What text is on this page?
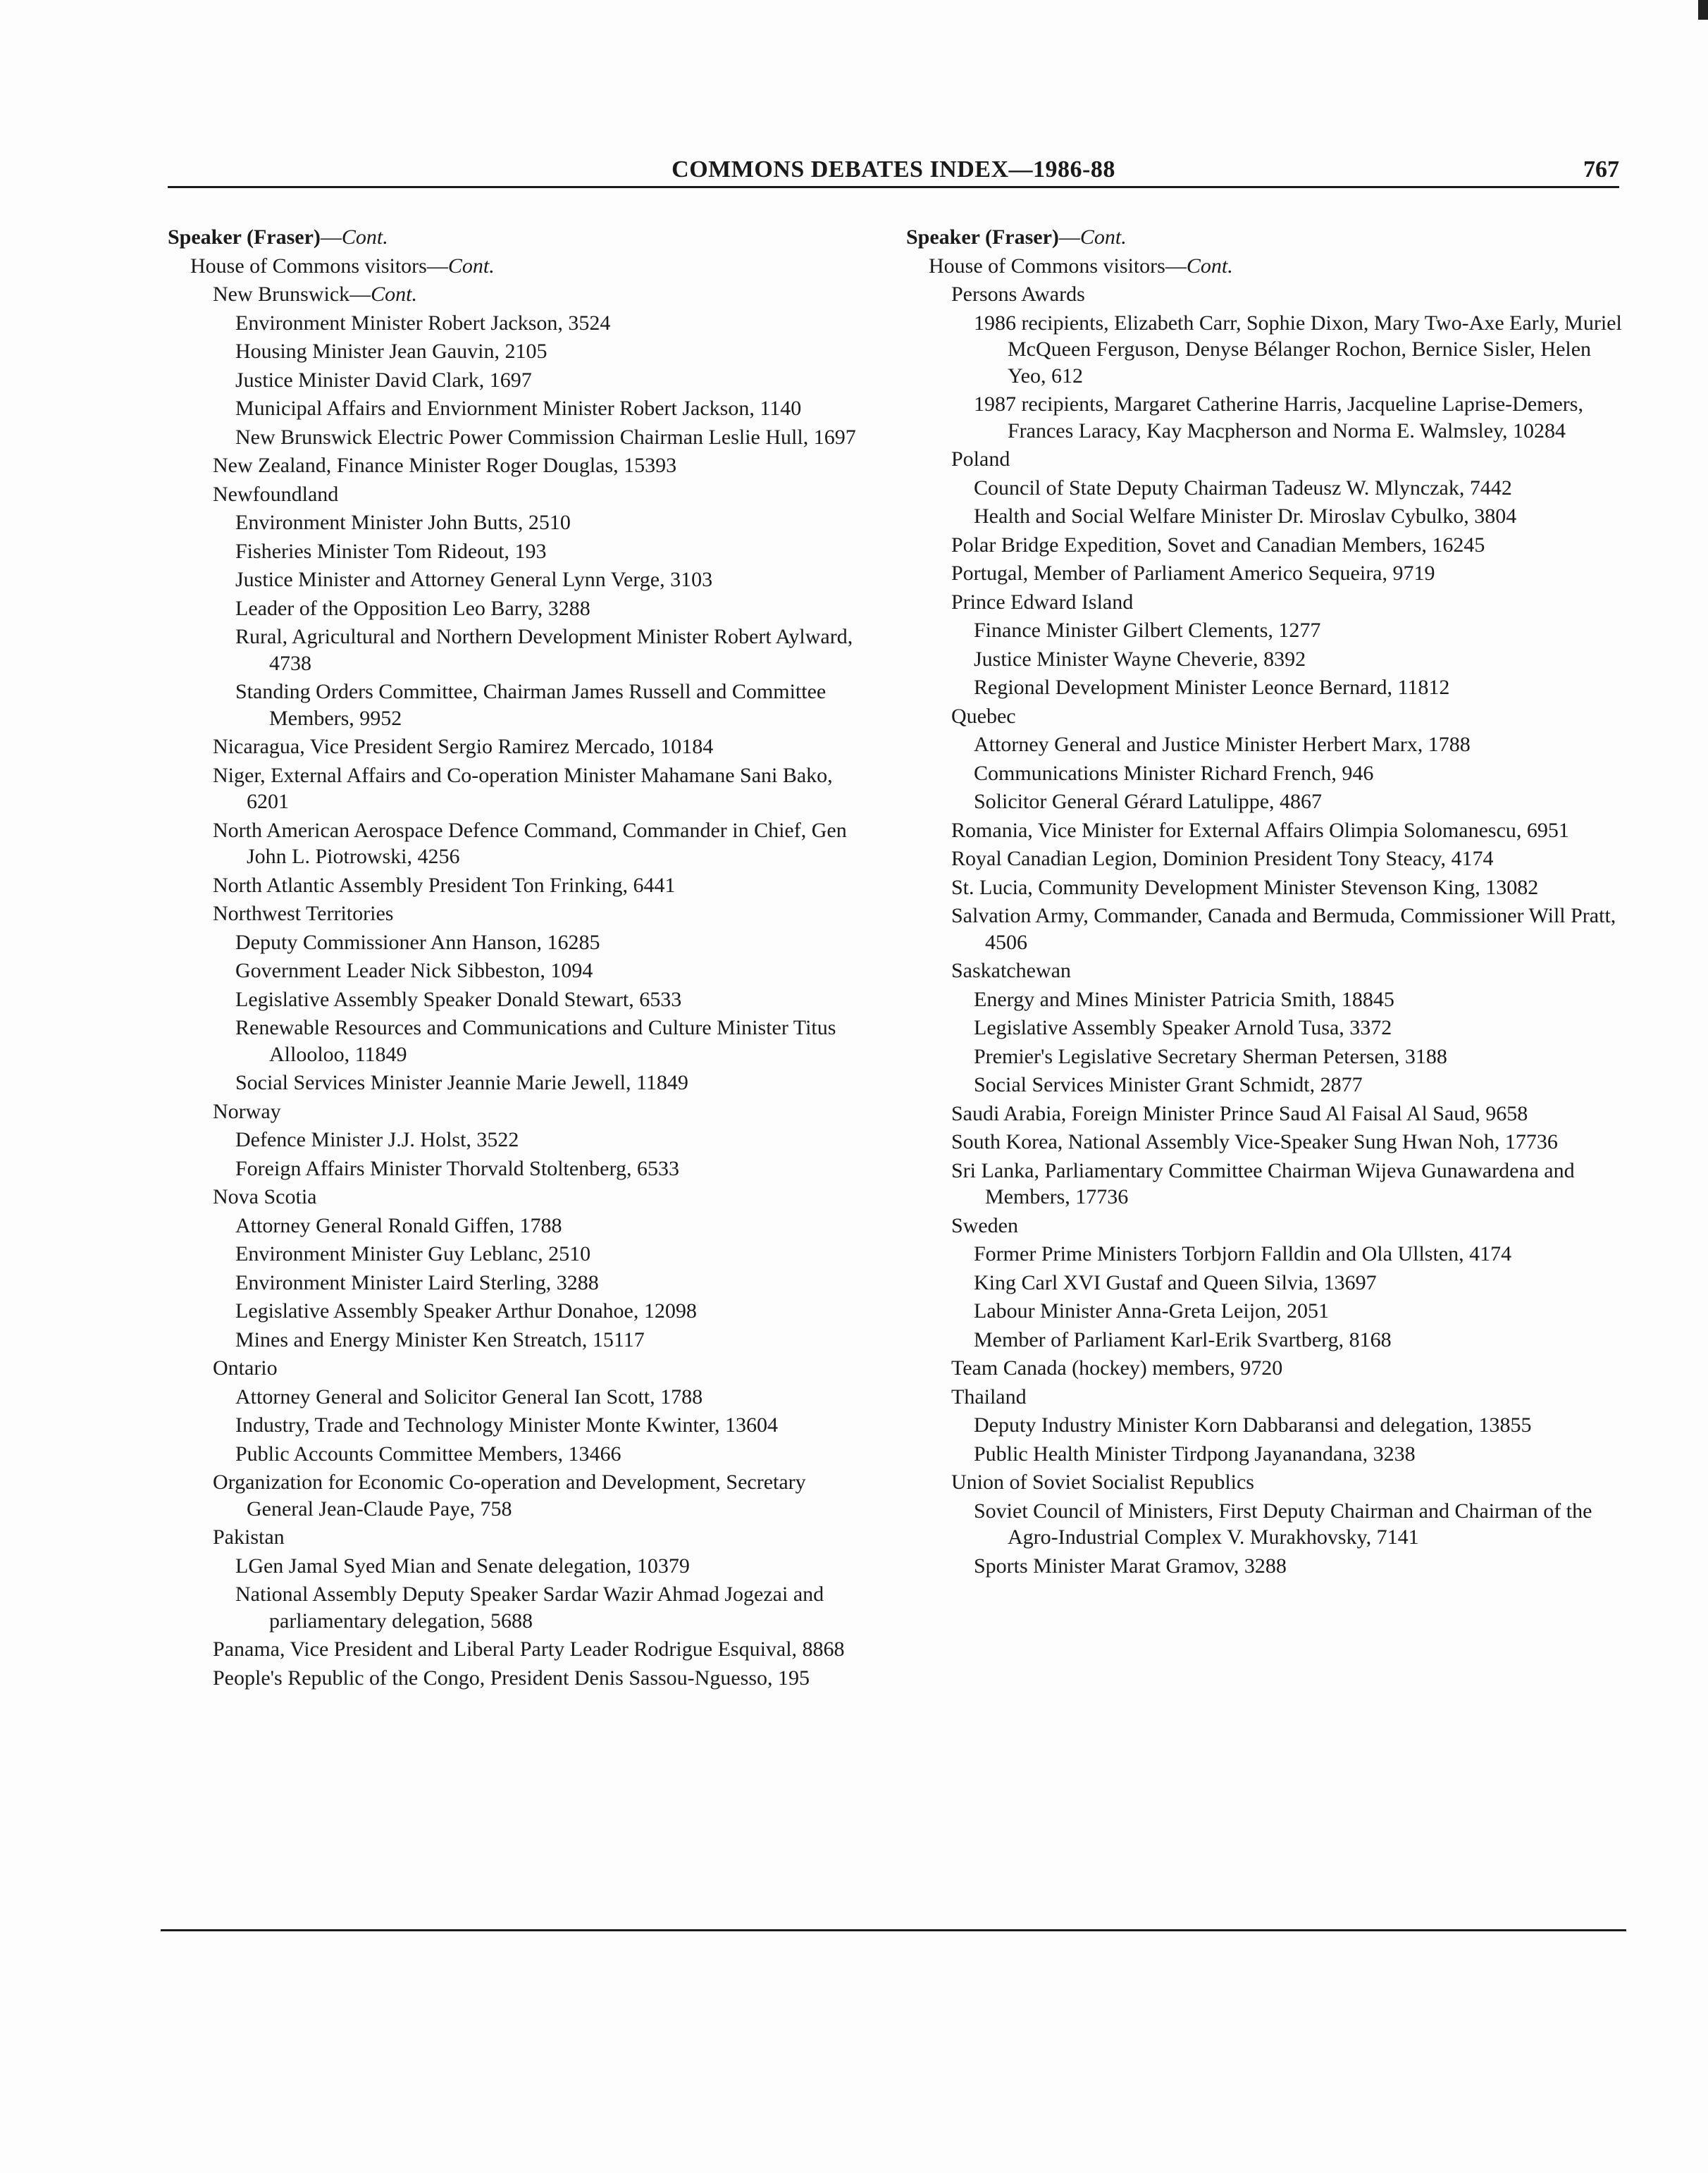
COMMONS DEBATES INDEX—1986-88	767

Speaker (Fraser)—Cont.

House of Commons visitors—Cont.

New Brunswick—Cont.

Environment Minister Robert Jackson, 3524

Housing Minister Jean Gauvin, 2105

Justice Minister David Clark, 1697

Municipal Affairs and Enviornment Minister Robert Jackson, 1140

New Brunswick Electric Power Commission Chairman Leslie Hull, 1697

New Zealand, Finance Minister Roger Douglas, 15393

Newfoundland

Environment Minister John Butts, 2510

Fisheries Minister Tom Rideout, 193

Justice Minister and Attorney General Lynn Verge, 3103

Leader of the Opposition Leo Barry, 3288

Rural, Agricultural and Northern Development Minister Robert Aylward, 4738

Standing Orders Committee, Chairman James Russell and Committee Members, 9952

Nicaragua, Vice President Sergio Ramirez Mercado, 10184

Niger, External Affairs and Co-operation Minister Mahamane Sani Bako, 6201

North American Aerospace Defence Command, Commander in Chief, Gen John L. Piotrowski, 4256

North Atlantic Assembly President Ton Frinking, 6441

Northwest Territories

Deputy Commissioner Ann Hanson, 16285

Government Leader Nick Sibbeston, 1094

Legislative Assembly Speaker Donald Stewart, 6533

Renewable Resources and Communications and Culture Minister Titus Allooloo, 11849

Social Services Minister Jeannie Marie Jewell, 11849

Norway

Defence Minister J.J. Holst, 3522

Foreign Affairs Minister Thorvald Stoltenberg, 6533

Nova Scotia

Attorney General Ronald Giffen, 1788

Environment Minister Guy Leblanc, 2510

Environment Minister Laird Sterling, 3288

Legislative Assembly Speaker Arthur Donahoe, 12098

Mines and Energy Minister Ken Streatch, 15117

Ontario

Attorney General and Solicitor General Ian Scott, 1788

Industry, Trade and Technology Minister Monte Kwinter, 13604

Public Accounts Committee Members, 13466

Organization for Economic Co-operation and Development, Secretary General Jean-Claude Paye, 758

Pakistan

LGen Jamal Syed Mian and Senate delegation, 10379

National Assembly Deputy Speaker Sardar Wazir Ahmad Jogezai and parliamentary delegation, 5688

Panama, Vice President and Liberal Party Leader Rodrigue Esquival, 8868

People's Republic of the Congo, President Denis Sassou-Nguesso, 195

Speaker (Fraser)—Cont.

House of Commons visitors—Cont.

Persons Awards

1986 recipients, Elizabeth Carr, Sophie Dixon, Mary Two-Axe Early, Muriel McQueen Ferguson, Denyse Bélanger Rochon, Bernice Sisler, Helen Yeo, 612

1987 recipients, Margaret Catherine Harris, Jacqueline Laprise-Demers, Frances Laracy, Kay Macpherson and Norma E. Walmsley, 10284

Poland

Council of State Deputy Chairman Tadeusz W. Mlynczak, 7442

Health and Social Welfare Minister Dr. Miroslav Cybulko, 3804

Polar Bridge Expedition, Sovet and Canadian Members, 16245

Portugal, Member of Parliament Americo Sequeira, 9719

Prince Edward Island

Finance Minister Gilbert Clements, 1277

Justice Minister Wayne Cheverie, 8392

Regional Development Minister Leonce Bernard, 11812

Quebec

Attorney General and Justice Minister Herbert Marx, 1788

Communications Minister Richard French, 946

Solicitor General Gérard Latulippe, 4867

Romania, Vice Minister for External Affairs Olimpia Solomanescu, 6951

Royal Canadian Legion, Dominion President Tony Steacy, 4174

St. Lucia, Community Development Minister Stevenson King, 13082

Salvation Army, Commander, Canada and Bermuda, Commissioner Will Pratt, 4506

Saskatchewan

Energy and Mines Minister Patricia Smith, 18845

Legislative Assembly Speaker Arnold Tusa, 3372

Premier's Legislative Secretary Sherman Petersen, 3188

Social Services Minister Grant Schmidt, 2877

Saudi Arabia, Foreign Minister Prince Saud Al Faisal Al Saud, 9658

South Korea, National Assembly Vice-Speaker Sung Hwan Noh, 17736

Sri Lanka, Parliamentary Committee Chairman Wijeva Gunawardena and Members, 17736

Sweden

Former Prime Ministers Torbjorn Falldin and Ola Ullsten, 4174

King Carl XVI Gustaf and Queen Silvia, 13697

Labour Minister Anna-Greta Leijon, 2051

Member of Parliament Karl-Erik Svartberg, 8168

Team Canada (hockey) members, 9720

Thailand

Deputy Industry Minister Korn Dabbaransi and delegation, 13855

Public Health Minister Tirdpong Jayanandana, 3238

Union of Soviet Socialist Republics

Soviet Council of Ministers, First Deputy Chairman and Chairman of the Agro-Industrial Complex V. Murakhovsky, 7141

Sports Minister Marat Gramov, 3288
